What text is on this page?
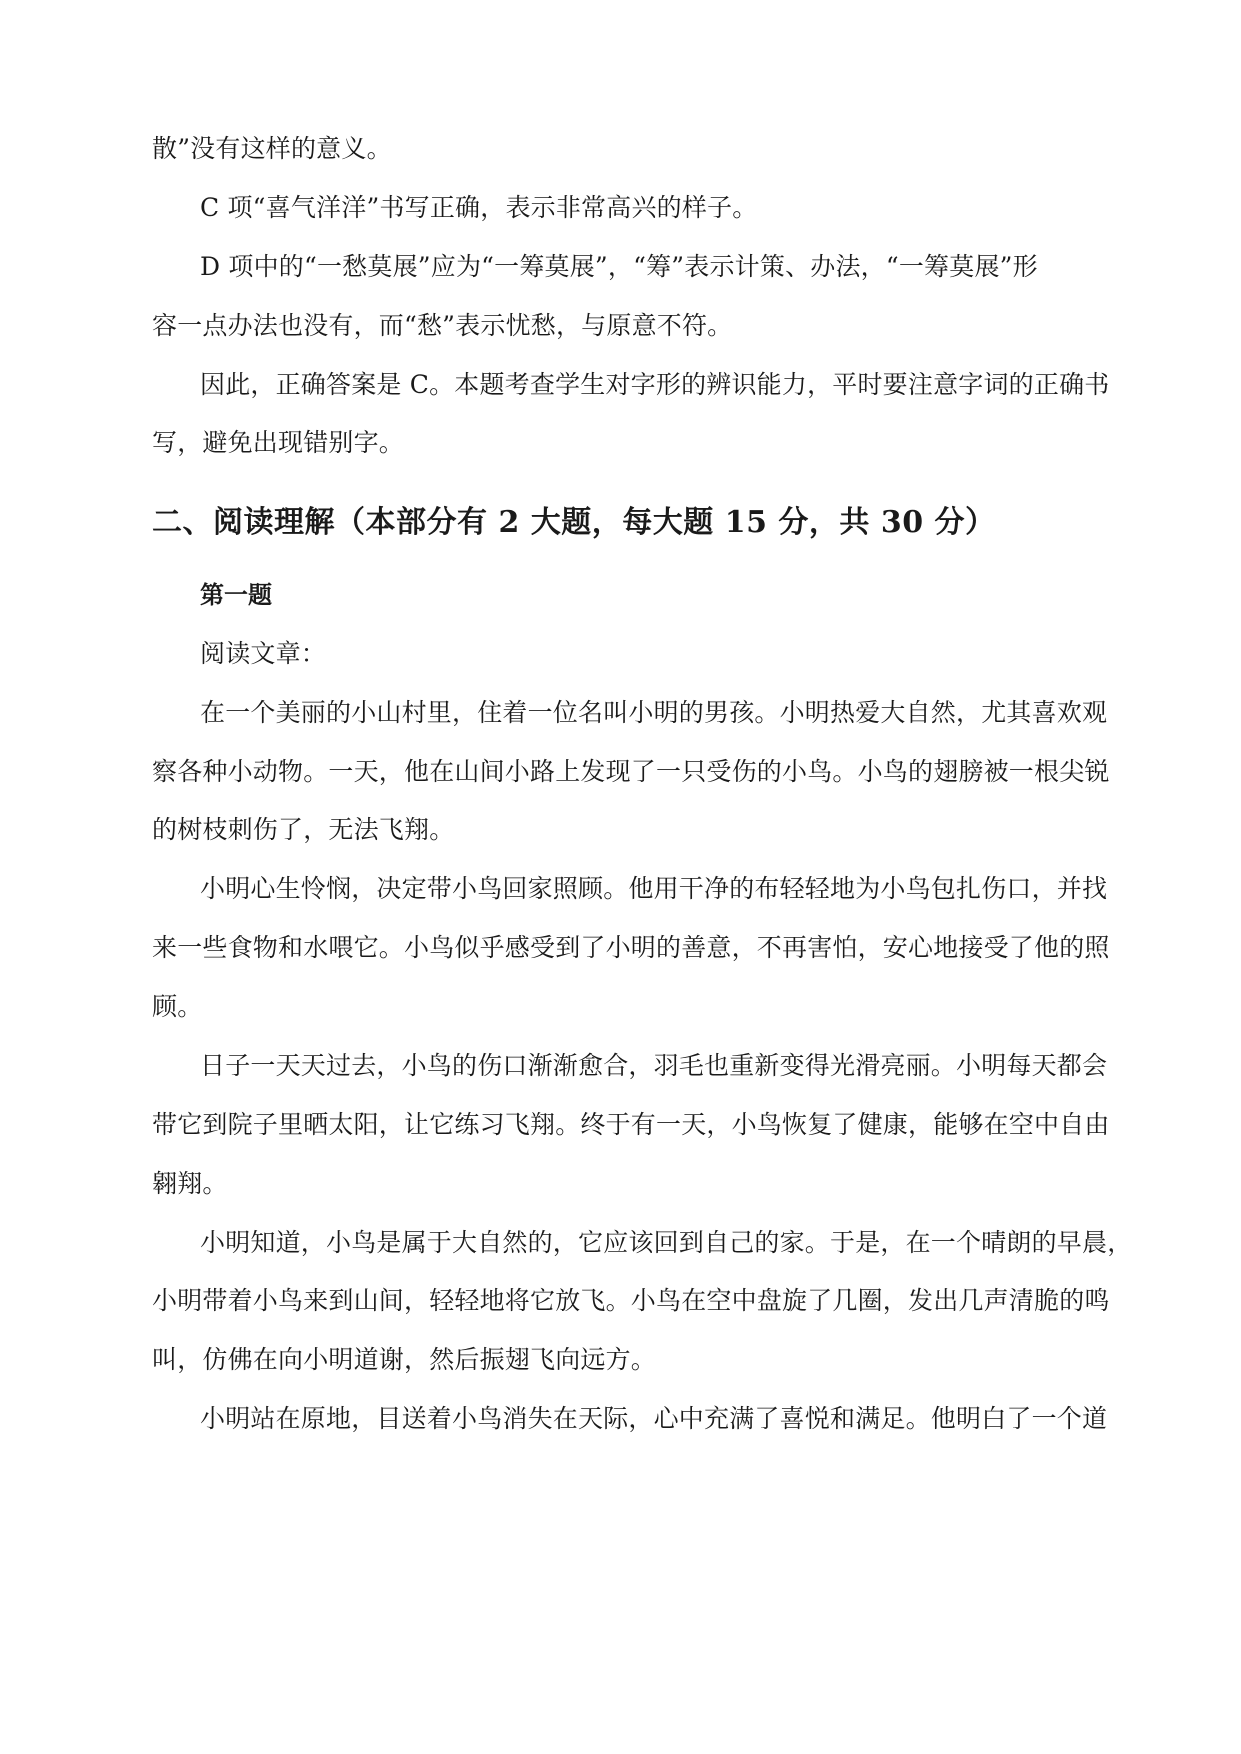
散”没有这样的意义。

C 项“喜气洋洋”书写正确，表示非常高兴的样子。

D 项中的“一愁莫展”应为“一筹莫展”，“筹”表示计策、办法，“一筹莫展”形

容一点办法也没有，而“愁”表示忧愁，与原意不符。

因此，正确答案是 C。本题考查学生对字形的辨识能力，平时要注意字词的正确书

写，避免出现错别字。

二、阅读理解（本部分有 2 大题，每大题 15 分，共 30 分）
第一题

阅读文章：

在一个美丽的小山村里，住着一位名叫小明的男孩。小明热爱大自然，尤其喜欢观

察各种小动物。一天，他在山间小路上发现了一只受伤的小鸟。小鸟的翅膀被一根尖锐

的树枝刺伤了，无法飞翔。

小明心生怜悯，决定带小鸟回家照顾。他用干净的布轻轻地为小鸟包扎伤口，并找

来一些食物和水喂它。小鸟似乎感受到了小明的善意，不再害怕，安心地接受了他的照

顾。

日子一天天过去，小鸟的伤口渐渐愈合，羽毛也重新变得光滑亮丽。小明每天都会

带它到院子里晒太阳，让它练习飞翔。终于有一天，小鸟恢复了健康，能够在空中自由

翱翔。

小明知道，小鸟是属于大自然的，它应该回到自己的家。于是，在一个晴朗的早晨，

小明带着小鸟来到山间，轻轻地将它放飞。小鸟在空中盘旋了几圈，发出几声清脆的鸣

叫，仿佛在向小明道谢，然后振翅飞向远方。

小明站在原地，目送着小鸟消失在天际，心中充满了喜悦和满足。他明白了一个道
